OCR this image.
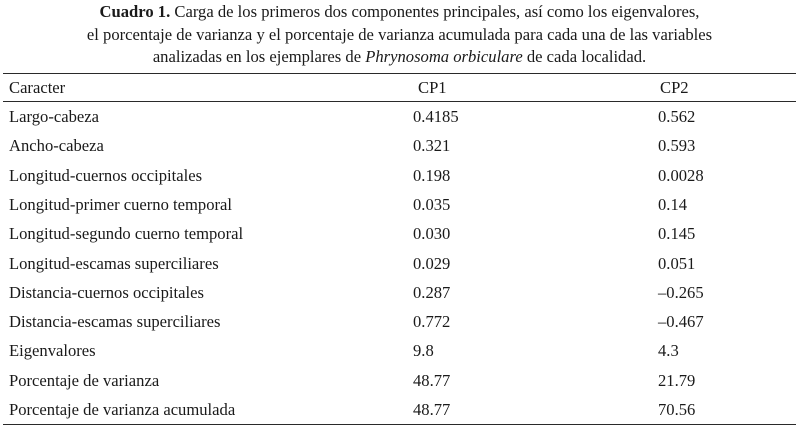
Cuadro 1. Carga de los primeros dos componentes principales, así como los eigenvalores,
el porcentaje de varianza y el porcentaje de varianza acumulada para cada una de las variables
analizadas en los ejemplares de Phrynosoma orbiculare de cada localidad.
Caracter	CP1	CP2
Largo-cabeza	0.4185	0.562
Ancho-cabeza	0.321	0.593
Longitud-cuernos occipitales	0.198	0.0028
Longitud-primer cuerno temporal	0.035	0.14
Longitud-segundo cuerno temporal	0.030	0.145
Longitud-escamas superciliares	0.029	0.051
Distancia-cuernos occipitales	0.287	–0.265
Distancia-escamas superciliares	0.772	–0.467
Eigenvalores	9.8	4.3
Porcentaje de varianza	48.77	21.79
Porcentaje de varianza acumulada	48.77	70.56
